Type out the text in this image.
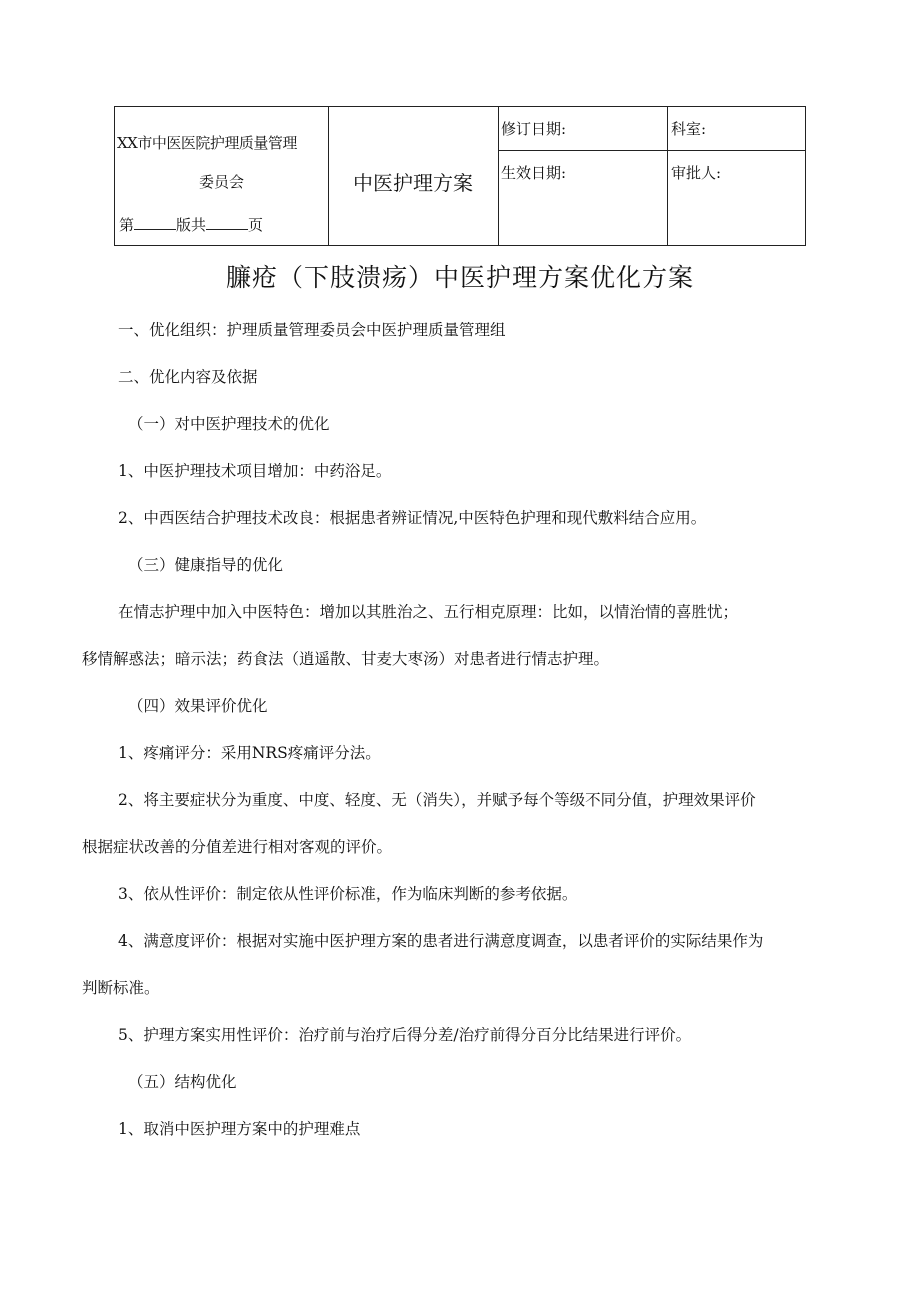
XX市中医医院护理质量管理
委员会
第	版共	页
中医护理方案
修订日期:
生效日期:
科室:
审批人:
臁疮（下肢溃疡）中医护理方案优化方案
一、优化组织：护理质量管理委员会中医护理质量管理组
二、优化内容及依据
（一）对中医护理技术的优化
1、中医护理技术项目增加：中药浴足。
2、中西医结合护理技术改良：根据患者辨证情况,中医特色护理和现代敷料结合应用。
（三）健康指导的优化
在情志护理中加入中医特色：增加以其胜治之、五行相克原理：比如，以情治情的喜胜忧；
移情解惑法；暗示法；药食法（逍遥散、甘麦大枣汤）对患者进行情志护理。
（四）效果评价优化
1、疼痛评分：采用NRS疼痛评分法。
2、将主要症状分为重度、中度、轻度、无（消失），并赋予每个等级不同分值，护理效果评价
根据症状改善的分值差进行相对客观的评价。
3、依从性评价：制定依从性评价标准，作为临床判断的参考依据。
4、满意度评价：根据对实施中医护理方案的患者进行满意度调查，以患者评价的实际结果作为
判断标准。
5、护理方案实用性评价：治疗前与治疗后得分差/治疗前得分百分比结果进行评价。
（五）结构优化
1、取消中医护理方案中的护理难点
